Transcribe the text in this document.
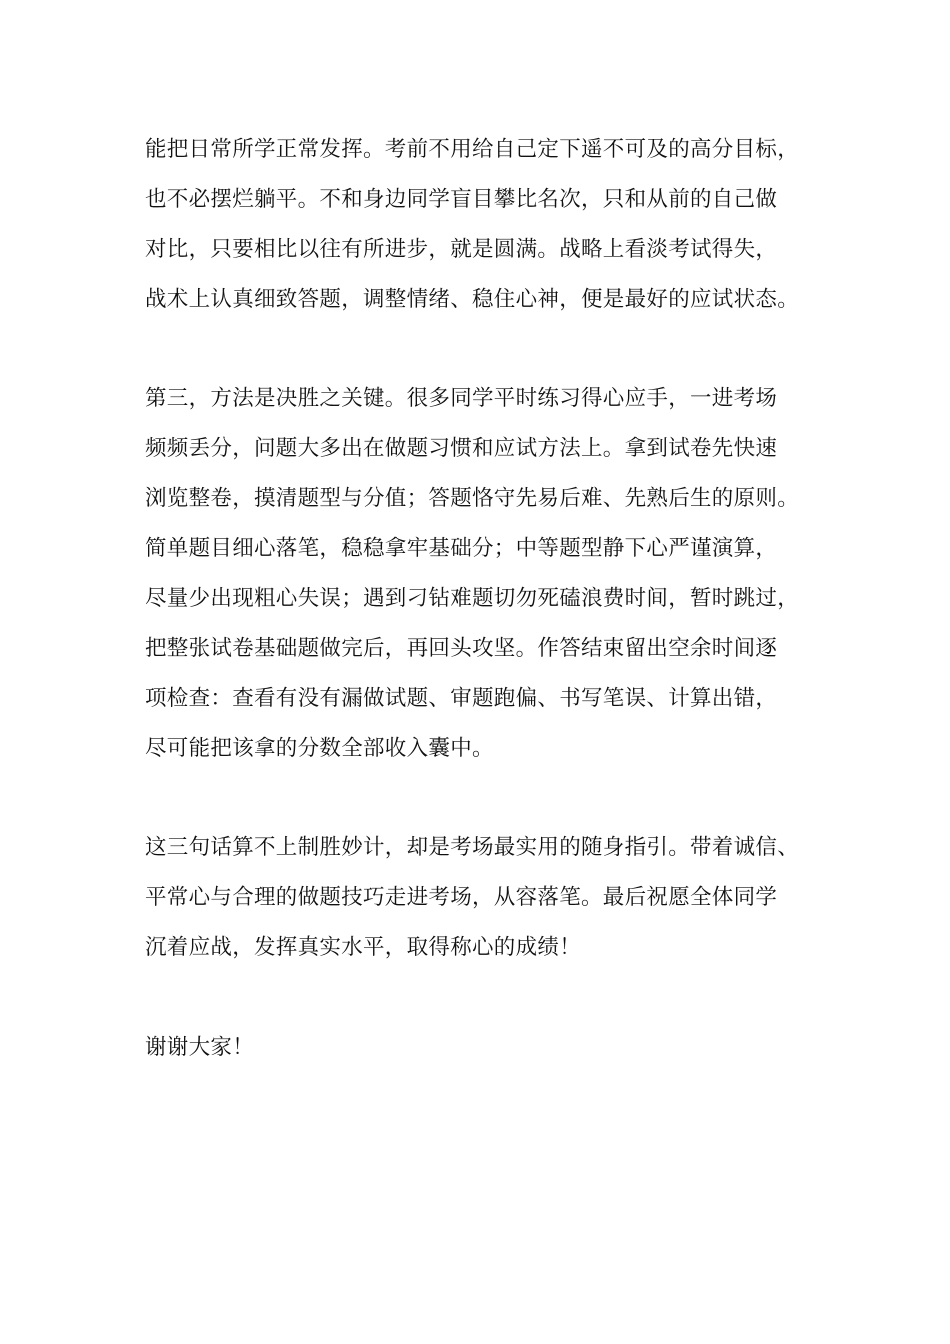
能把日常所学正常发挥。考前不用给自己定下遥不可及的高分目标，
也不必摆烂躺平。不和身边同学盲目攀比名次，只和从前的自己做
对比，只要相比以往有所进步，就是圆满。战略上看淡考试得失，
战术上认真细致答题，调整情绪、稳住心神，便是最好的应试状态。
第三，方法是决胜之关键。很多同学平时练习得心应手，一进考场
频频丢分，问题大多出在做题习惯和应试方法上。拿到试卷先快速
浏览整卷，摸清题型与分值；答题恪守先易后难、先熟后生的原则。
简单题目细心落笔，稳稳拿牢基础分；中等题型静下心严谨演算，
尽量少出现粗心失误；遇到刁钻难题切勿死磕浪费时间，暂时跳过，
把整张试卷基础题做完后，再回头攻坚。作答结束留出空余时间逐
项检查：查看有没有漏做试题、审题跑偏、书写笔误、计算出错，
尽可能把该拿的分数全部收入囊中。
这三句话算不上制胜妙计，却是考场最实用的随身指引。带着诚信、
平常心与合理的做题技巧走进考场，从容落笔。最后祝愿全体同学
沉着应战，发挥真实水平，取得称心的成绩！
谢谢大家！
